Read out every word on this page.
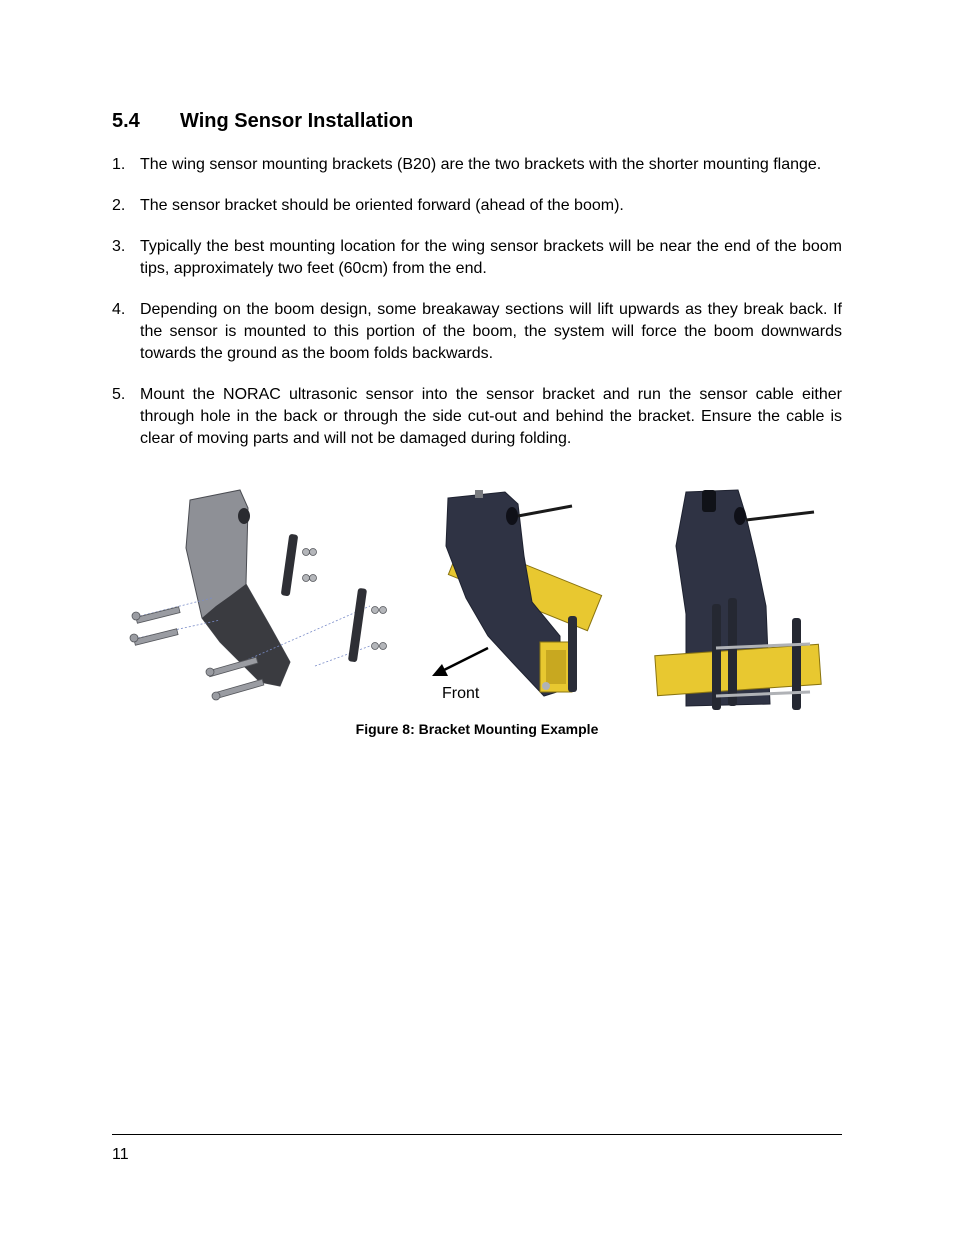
5.4 Wing Sensor Installation
1. The wing sensor mounting brackets (B20) are the two brackets with the shorter mounting flange.
2. The sensor bracket should be oriented forward (ahead of the boom).
3. Typically the best mounting location for the wing sensor brackets will be near the end of the boom tips, approximately two feet (60cm) from the end.
4. Depending on the boom design, some breakaway sections will lift upwards as they break back. If the sensor is mounted to this portion of the boom, the system will force the boom downwards towards the ground as the boom folds backwards.
5. Mount the NORAC ultrasonic sensor into the sensor bracket and run the sensor cable either through hole in the back or through the side cut-out and behind the bracket. Ensure the cable is clear of moving parts and will not be damaged during folding.
Front
Figure 8: Bracket Mounting Example
11
